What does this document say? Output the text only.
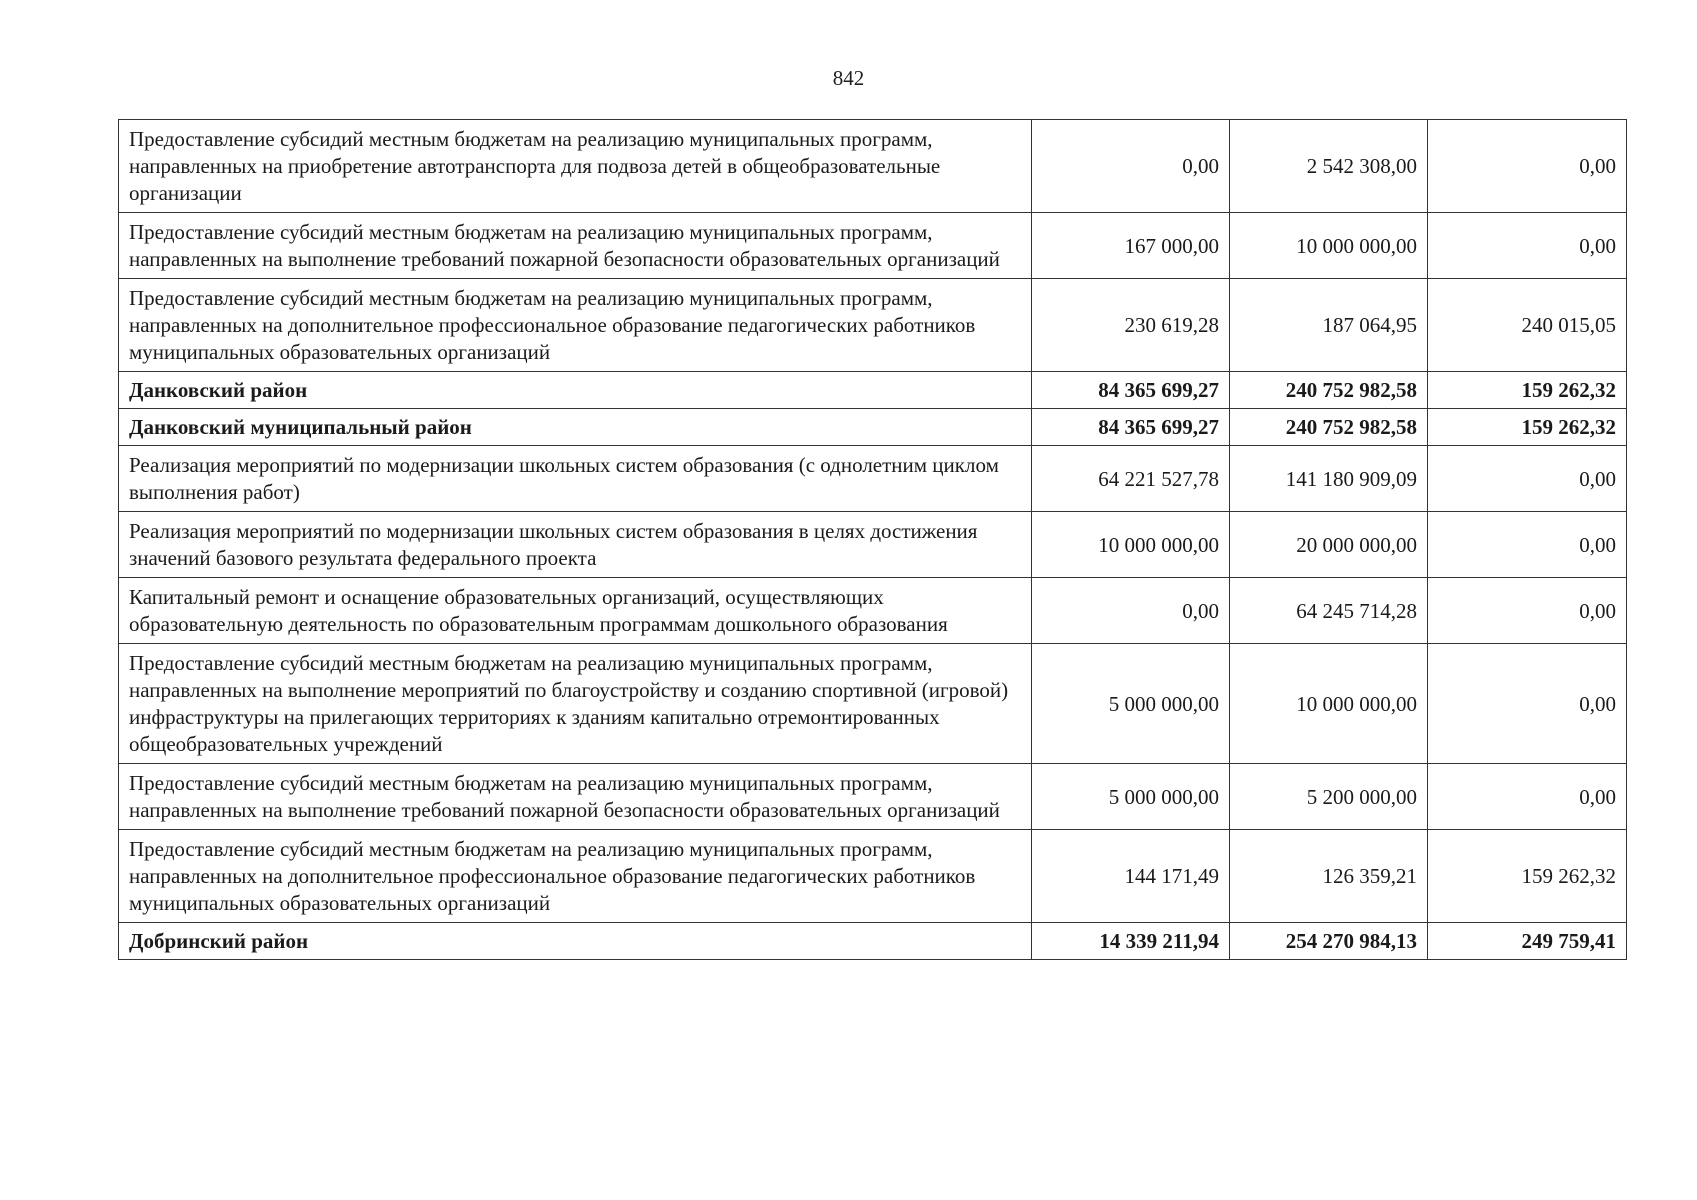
842
Предоставление субсидий местным бюджетам на реализацию муниципальных программ, направленных на приобретение автотранспорта для подвоза детей в общеобразовательные организации	0,00	2 542 308,00	0,00
Предоставление субсидий местным бюджетам на реализацию муниципальных программ, направленных на выполнение требований пожарной безопасности образовательных организаций	167 000,00	10 000 000,00	0,00
Предоставление субсидий местным бюджетам на реализацию муниципальных программ, направленных на дополнительное профессиональное образование педагогических работников муниципальных образовательных организаций	230 619,28	187 064,95	240 015,05
Данковский район	84 365 699,27	240 752 982,58	159 262,32
Данковский муниципальный район	84 365 699,27	240 752 982,58	159 262,32
Реализация мероприятий по модернизации школьных систем образования (с однолетним циклом выполнения работ)	64 221 527,78	141 180 909,09	0,00
Реализация мероприятий по модернизации школьных систем образования в целях достижения значений базового результата федерального проекта	10 000 000,00	20 000 000,00	0,00
Капитальный ремонт и оснащение образовательных организаций, осуществляющих образовательную деятельность по образовательным программам дошкольного образования	0,00	64 245 714,28	0,00
Предоставление субсидий местным бюджетам на реализацию муниципальных программ, направленных на выполнение мероприятий по благоустройству и созданию спортивной (игровой) инфраструктуры на прилегающих территориях к зданиям капитально отремонтированных общеобразовательных учреждений	5 000 000,00	10 000 000,00	0,00
Предоставление субсидий местным бюджетам на реализацию муниципальных программ, направленных на выполнение требований пожарной безопасности образовательных организаций	5 000 000,00	5 200 000,00	0,00
Предоставление субсидий местным бюджетам на реализацию муниципальных программ, направленных на дополнительное профессиональное образование педагогических работников муниципальных образовательных организаций	144 171,49	126 359,21	159 262,32
Добринский район	14 339 211,94	254 270 984,13	249 759,41
